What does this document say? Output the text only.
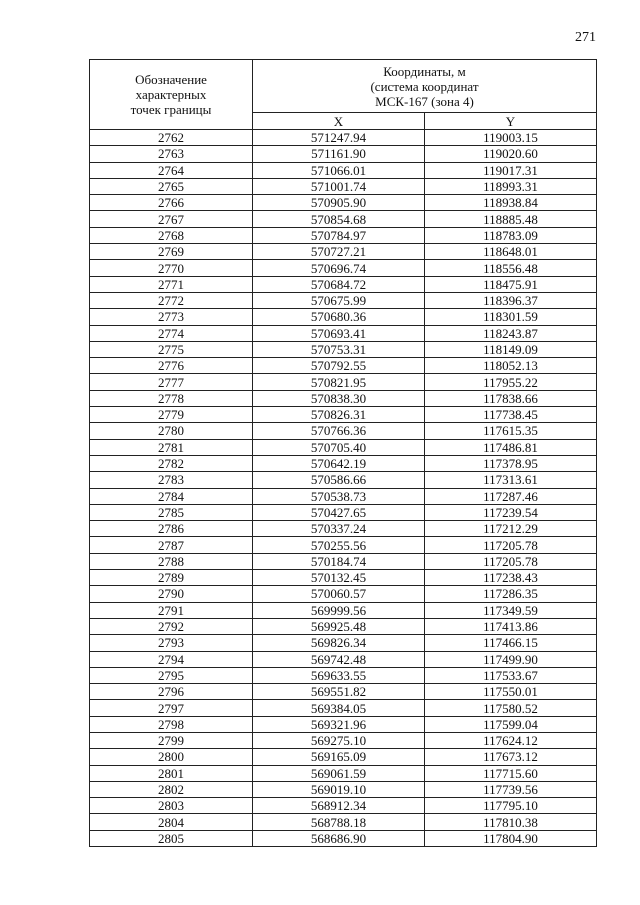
271
Обозначение
характерных
точек границы	Координаты, м
(система координат
МСК-167 (зона 4)	
	X	Y
2762	571247.94	119003.15
2763	571161.90	119020.60
2764	571066.01	119017.31
2765	571001.74	118993.31
2766	570905.90	118938.84
2767	570854.68	118885.48
2768	570784.97	118783.09
2769	570727.21	118648.01
2770	570696.74	118556.48
2771	570684.72	118475.91
2772	570675.99	118396.37
2773	570680.36	118301.59
2774	570693.41	118243.87
2775	570753.31	118149.09
2776	570792.55	118052.13
2777	570821.95	117955.22
2778	570838.30	117838.66
2779	570826.31	117738.45
2780	570766.36	117615.35
2781	570705.40	117486.81
2782	570642.19	117378.95
2783	570586.66	117313.61
2784	570538.73	117287.46
2785	570427.65	117239.54
2786	570337.24	117212.29
2787	570255.56	117205.78
2788	570184.74	117205.78
2789	570132.45	117238.43
2790	570060.57	117286.35
2791	569999.56	117349.59
2792	569925.48	117413.86
2793	569826.34	117466.15
2794	569742.48	117499.90
2795	569633.55	117533.67
2796	569551.82	117550.01
2797	569384.05	117580.52
2798	569321.96	117599.04
2799	569275.10	117624.12
2800	569165.09	117673.12
2801	569061.59	117715.60
2802	569019.10	117739.56
2803	568912.34	117795.10
2804	568788.18	117810.38
2805	568686.90	117804.90
